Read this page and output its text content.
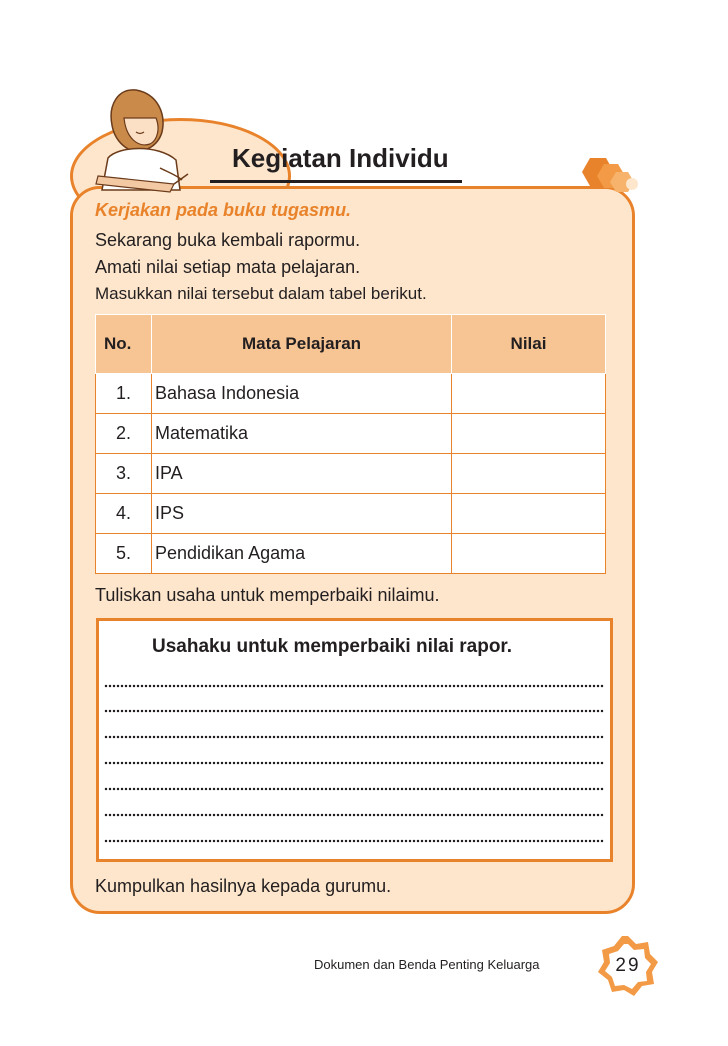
Kegiatan Individu
Kerjakan pada buku tugasmu.
Sekarang buka kembali rapormu.
Amati nilai setiap mata pelajaran.
Masukkan nilai tersebut dalam tabel berikut.
No.	Mata Pelajaran	Nilai
1.	Bahasa Indonesia	
2.	Matematika	
3.	IPA	
4.	IPS	
5.	Pendidikan Agama	
Tuliskan usaha untuk memperbaiki nilaimu.
Usahaku untuk memperbaiki nilai rapor.
Kumpulkan hasilnya kepada gurumu.
Dokumen dan Benda Penting Keluarga	29
